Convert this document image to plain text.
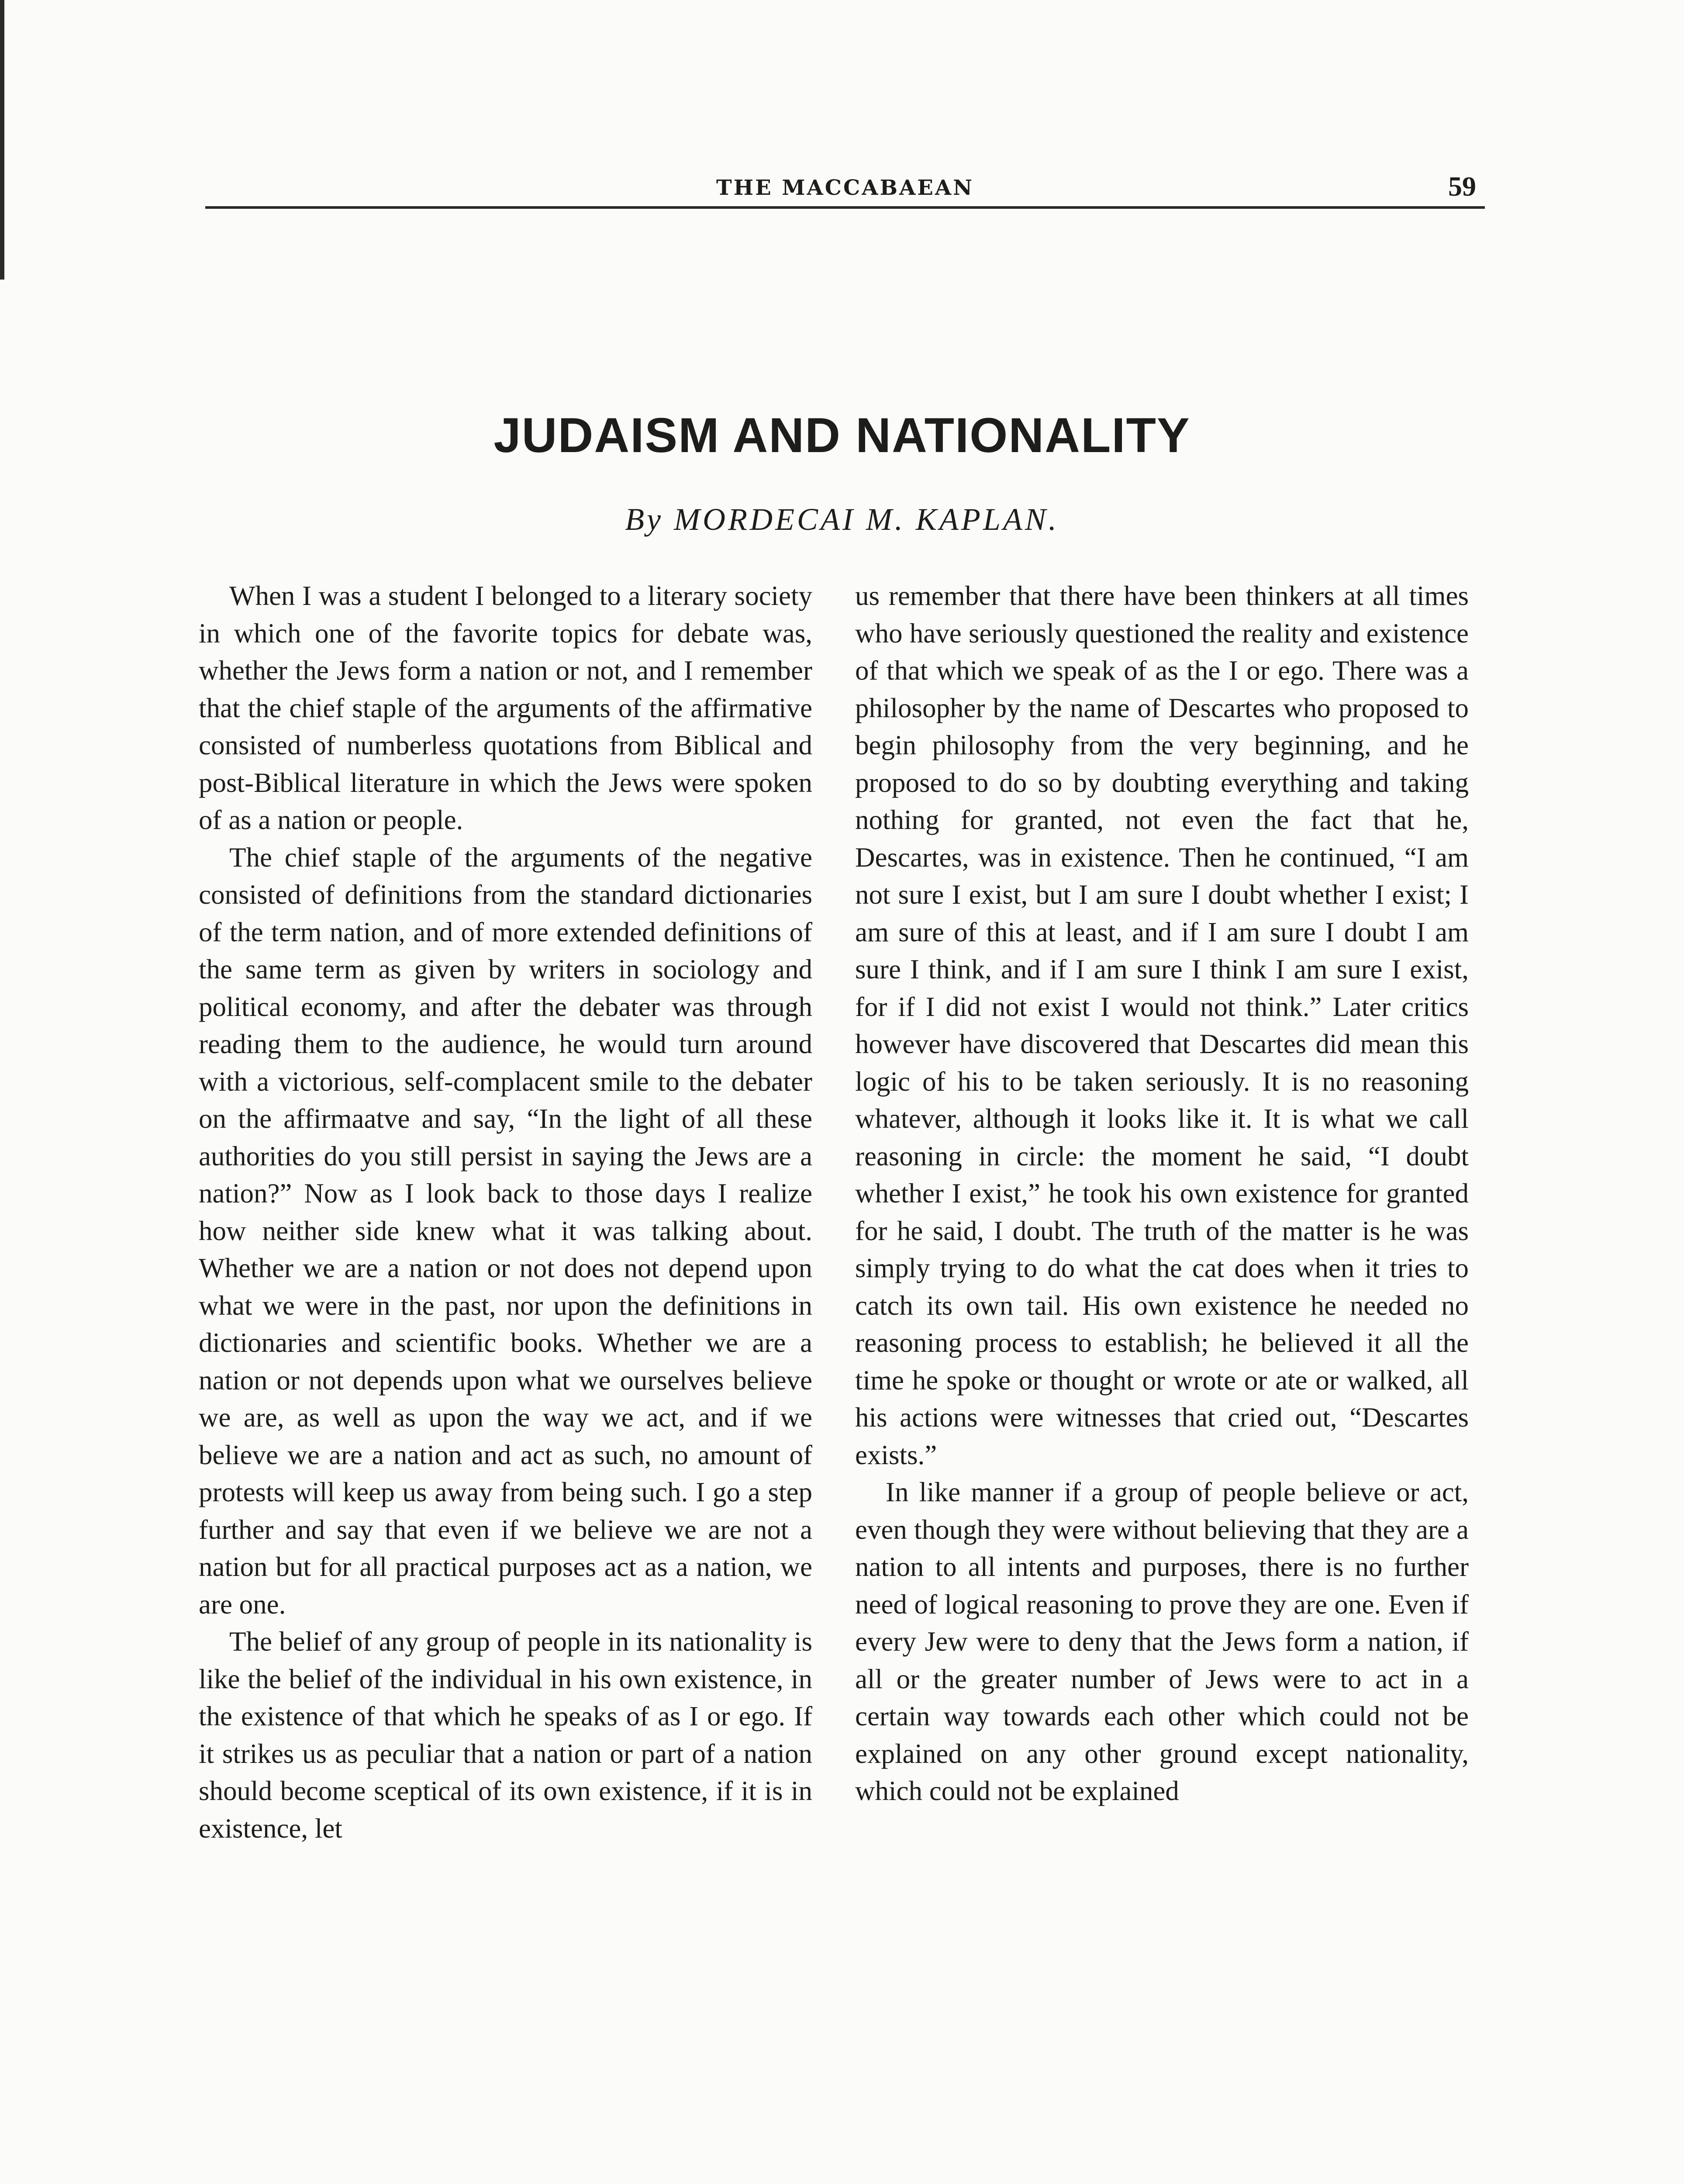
THE MACCABAEAN	59
JUDAISM AND NATIONALITY
By MORDECAI M. KAPLAN.

When I was a student I belonged to a literary society in which one of the favorite topics for debate was, whether the Jews form a nation or not, and I remember that the chief staple of the arguments of the affirmative consisted of numberless quotations from Biblical and post-Biblical literature in which the Jews were spoken of as a nation or people.

The chief staple of the arguments of the negative consisted of definitions from the standard dictionaries of the term nation, and of more extended definitions of the same term as given by writers in sociology and political economy, and after the debater was through reading them to the audience, he would turn around with a victorious, self-complacent smile to the debater on the affirmaatve and say, “In the light of all these authorities do you still persist in saying the Jews are a nation?” Now as I look back to those days I realize how neither side knew what it was talking about. Whether we are a nation or not does not depend upon what we were in the past, nor upon the definitions in dictionaries and scientific books. Whether we are a nation or not depends upon what we ourselves believe we are, as well as upon the way we act, and if we believe we are a nation and act as such, no amount of protests will keep us away from being such. I go a step further and say that even if we believe we are not a nation but for all practical purposes act as a nation, we are one.

The belief of any group of people in its nationality is like the belief of the individual in his own existence, in the existence of that which he speaks of as I or ego. If it strikes us as peculiar that a nation or part of a nation should become sceptical of its own existence, if it is in existence, let

us remember that there have been thinkers at all times who have seriously questioned the reality and existence of that which we speak of as the I or ego. There was a philosopher by the name of Descartes who proposed to begin philosophy from the very beginning, and he proposed to do so by doubting everything and taking nothing for granted, not even the fact that he, Descartes, was in existence. Then he continued, “I am not sure I exist, but I am sure I doubt whether I exist; I am sure of this at least, and if I am sure I doubt I am sure I think, and if I am sure I think I am sure I exist, for if I did not exist I would not think.” Later critics however have discovered that Descartes did mean this logic of his to be taken seriously. It is no reasoning whatever, although it looks like it. It is what we call reasoning in circle: the moment he said, “I doubt whether I exist,” he took his own existence for granted for he said, I doubt. The truth of the matter is he was simply trying to do what the cat does when it tries to catch its own tail. His own existence he needed no reasoning process to establish; he believed it all the time he spoke or thought or wrote or ate or walked, all his actions were witnesses that cried out, “Descartes exists.”

In like manner if a group of people believe or act, even though they were without believing that they are a nation to all intents and purposes, there is no further need of logical reasoning to prove they are one. Even if every Jew were to deny that the Jews form a nation, if all or the greater number of Jews were to act in a certain way towards each other which could not be explained on any other ground except nationality, which could not be explained
